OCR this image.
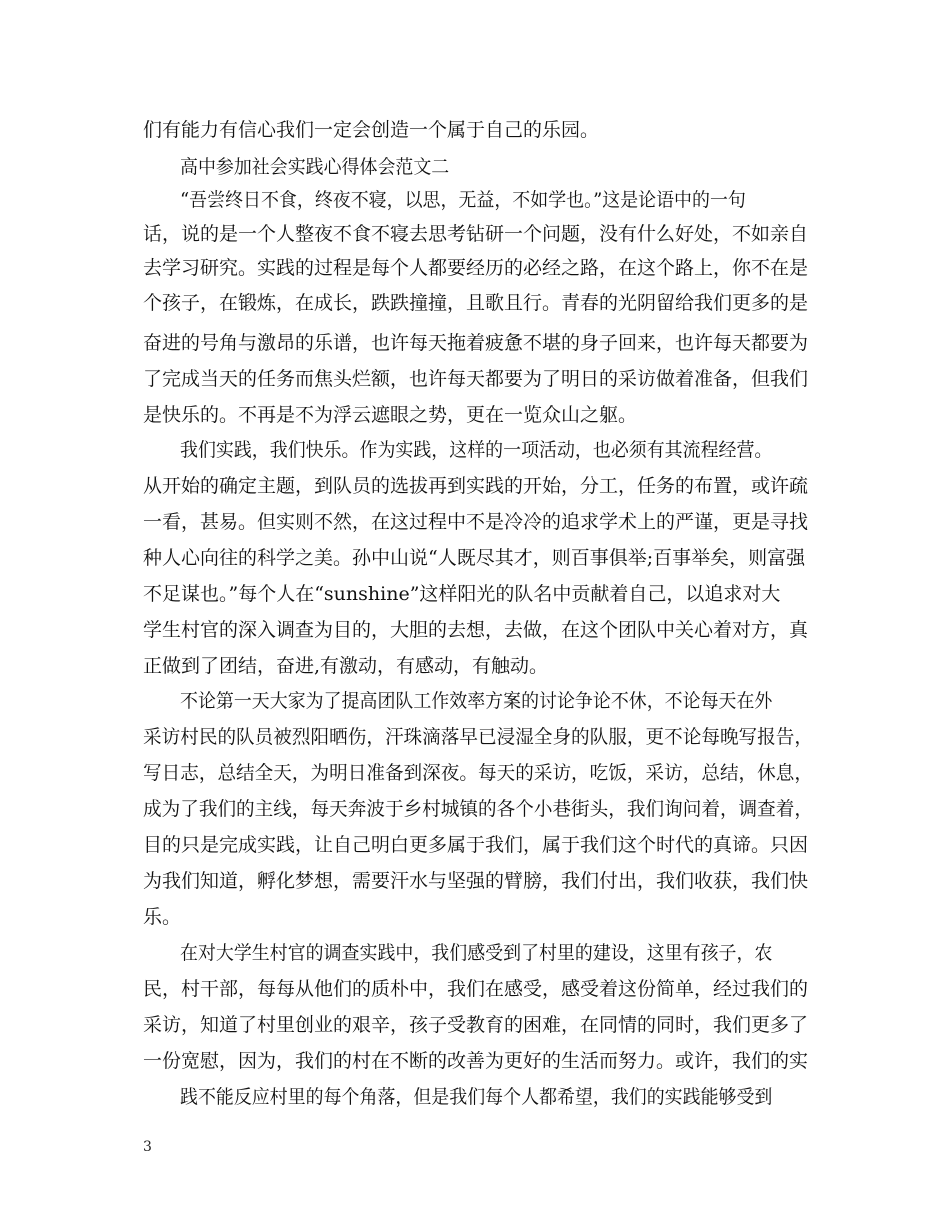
们有能力有信心我们一定会创造一个属于自己的乐园。
高中参加社会实践心得体会范文二
“吾尝终日不食，终夜不寝，以思，无益，不如学也。”这是论语中的一句
话，说的是一个人整夜不食不寝去思考钻研一个问题，没有什么好处，不如亲自
去学习研究。实践的过程是每个人都要经历的必经之路，在这个路上，你不在是
个孩子，在锻炼，在成长，跌跌撞撞，且歌且行。青春的光阴留给我们更多的是
奋进的号角与激昂的乐谱，也许每天拖着疲惫不堪的身子回来，也许每天都要为
了完成当天的任务而焦头烂额，也许每天都要为了明日的采访做着准备，但我们
是快乐的。不再是不为浮云遮眼之势，更在一览众山之躯。
我们实践，我们快乐。作为实践，这样的一项活动，也必须有其流程经营。
从开始的确定主题，到队员的选拔再到实践的开始，分工，任务的布置，或许疏
一看，甚易。但实则不然，在这过程中不是冷冷的追求学术上的严谨，更是寻找
种人心向往的科学之美。孙中山说“人既尽其才，则百事俱举;百事举矣，则富强
不足谋也。”每个人在“sunshine”这样阳光的队名中贡献着自己，以追求对大
学生村官的深入调查为目的，大胆的去想，去做，在这个团队中关心着对方，真
正做到了团结，奋进,有激动，有感动，有触动。
不论第一天大家为了提高团队工作效率方案的讨论争论不休，不论每天在外
采访村民的队员被烈阳晒伤，汗珠滴落早已浸湿全身的队服，更不论每晚写报告，
写日志，总结全天，为明日准备到深夜。每天的采访，吃饭，采访，总结，休息，
成为了我们的主线，每天奔波于乡村城镇的各个小巷街头，我们询问着，调查着，
目的只是完成实践，让自己明白更多属于我们，属于我们这个时代的真谛。只因
为我们知道，孵化梦想，需要汗水与坚强的臂膀，我们付出，我们收获，我们快
乐。
在对大学生村官的调查实践中，我们感受到了村里的建设，这里有孩子，农
民，村干部，每每从他们的质朴中，我们在感受，感受着这份简单，经过我们的
采访，知道了村里创业的艰辛，孩子受教育的困难，在同情的同时，我们更多了
一份宽慰，因为，我们的村在不断的改善为更好的生活而努力。或许，我们的实
践不能反应村里的每个角落，但是我们每个人都希望，我们的实践能够受到
3
